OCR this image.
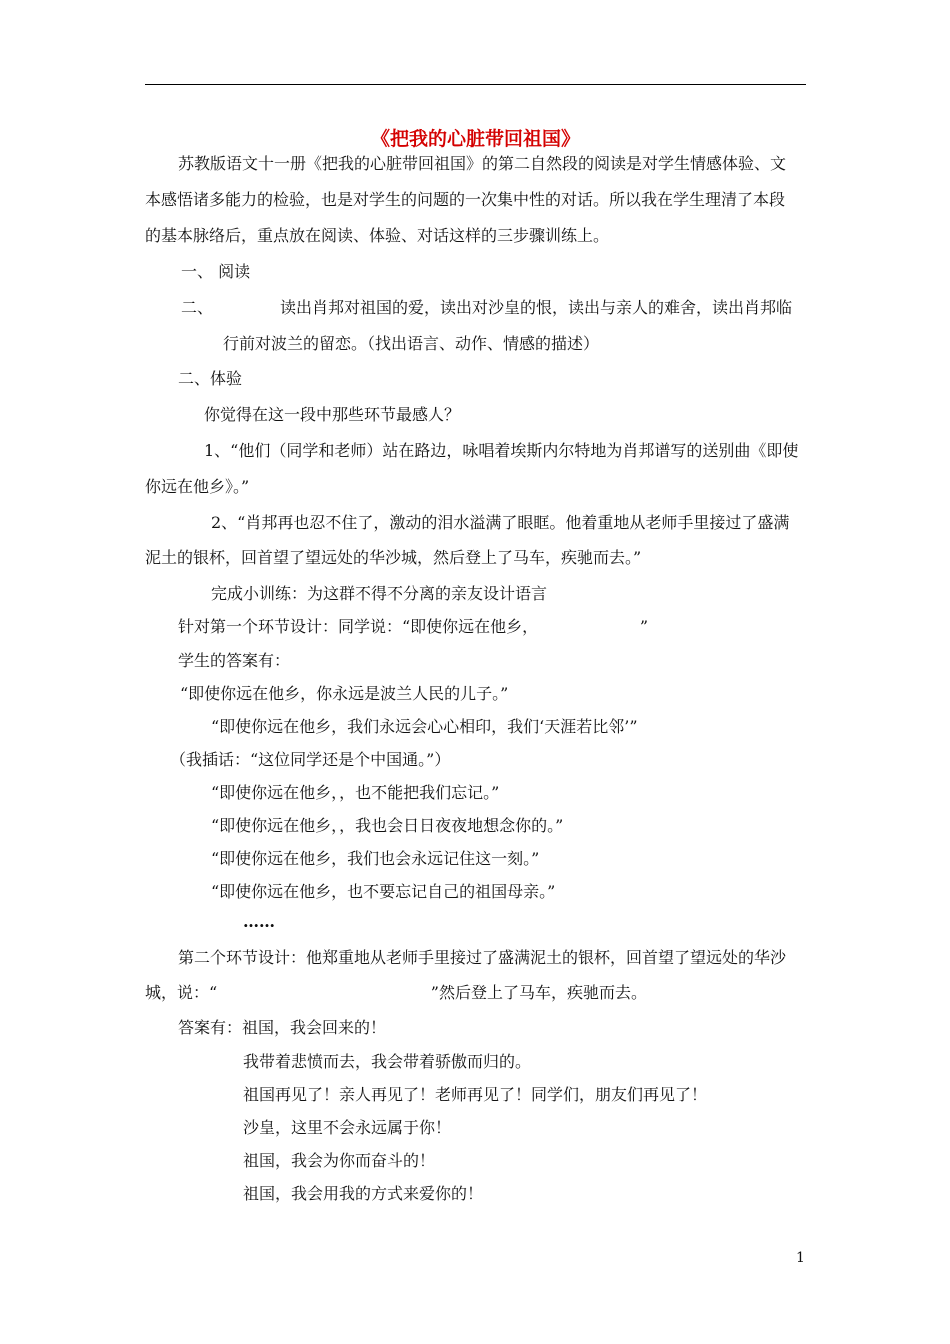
《把我的心脏带回祖国》
苏教版语文十一册《把我的心脏带回祖国》的第二自然段的阅读是对学生情感体验、文
本感悟诸多能力的检验，也是对学生的问题的一次集中性的对话。所以我在学生理清了本段
的基本脉络后，重点放在阅读、体验、对话这样的三步骤训练上。
一、 阅读
二、	读出肖邦对祖国的爱，读出对沙皇的恨，读出与亲人的难舍，读出肖邦临
行前对波兰的留恋。（找出语言、动作、情感的描述）
二、体验
你觉得在这一段中那些环节最感人？
1、“他们（同学和老师）站在路边，咏唱着埃斯内尔特地为肖邦谱写的送别曲《即使
你远在他乡》。”
2、“肖邦再也忍不住了，激动的泪水溢满了眼眶。他着重地从老师手里接过了盛满
泥土的银杯，回首望了望远处的华沙城，然后登上了马车，疾驰而去。”
完成小训练：为这群不得不分离的亲友设计语言
针对第一个环节设计：同学说：“即使你远在他乡，                    ”
学生的答案有：
“即使你远在他乡，你永远是波兰人民的儿子。”
“即使你远在他乡，我们永远会心心相印，我们‘天涯若比邻’”
（我插话：“这位同学还是个中国通。”）
“即使你远在他乡，，也不能把我们忘记。”
“即使你远在他乡，，我也会日日夜夜地想念你的。”
“即使你远在他乡，我们也会永远记住这一刻。”
“即使你远在他乡，也不要忘记自己的祖国母亲。”
……
第二个环节设计：他郑重地从老师手里接过了盛满泥土的银杯，回首望了望远处的华沙
城，说：“                                          ”然后登上了马车，疾驰而去。
答案有：祖国，我会回来的！
我带着悲愤而去，我会带着骄傲而归的。
祖国再见了！亲人再见了！老师再见了！同学们，朋友们再见了！
沙皇，这里不会永远属于你！
祖国，我会为你而奋斗的！
祖国，我会用我的方式来爱你的！
1
